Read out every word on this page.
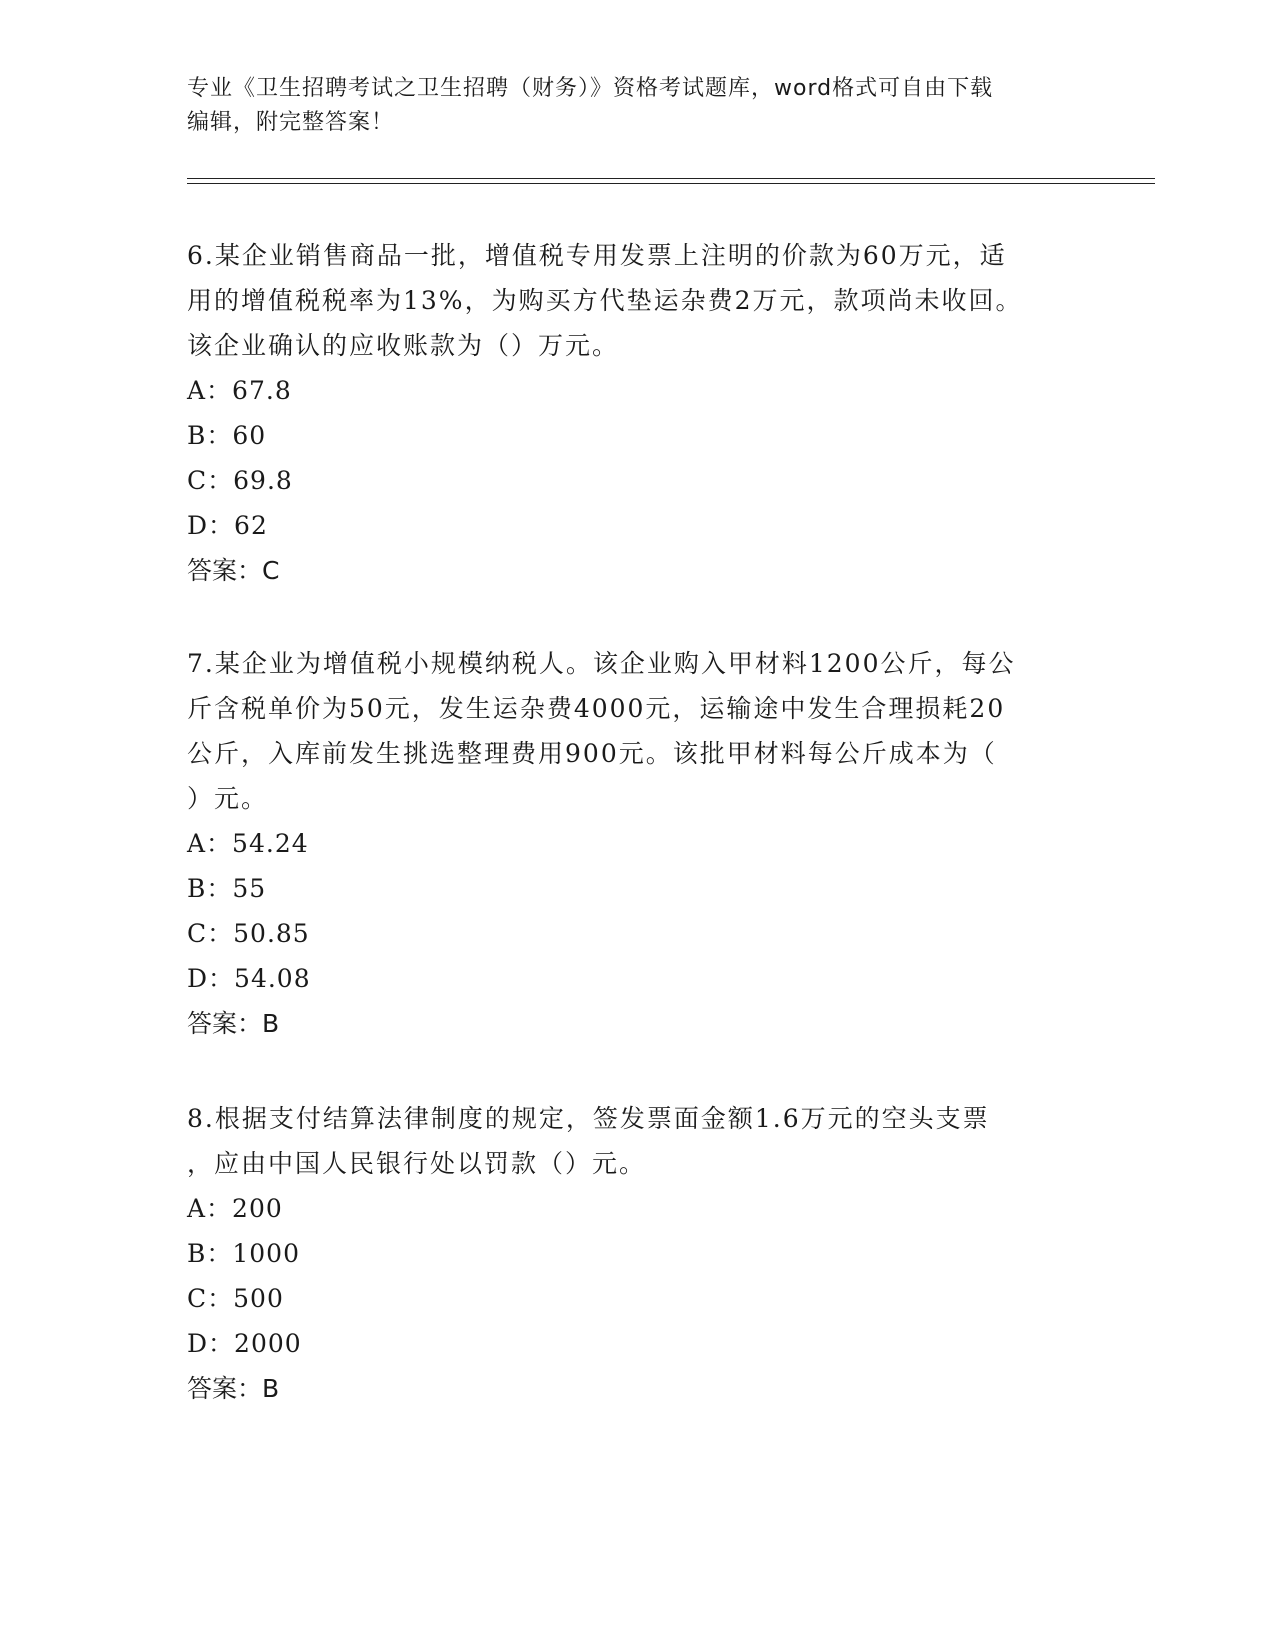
专业《卫生招聘考试之卫生招聘（财务）》资格考试题库，word格式可自由下载
编辑，附完整答案！

6.某企业销售商品一批，增值税专用发票上注明的价款为60万元，适

用的增值税税率为13%，为购买方代垫运杂费2万元，款项尚未收回。

该企业确认的应收账款为（）万元。

A：67.8

B：60

C：69.8

D：62

答案：C

7.某企业为增值税小规模纳税人。该企业购入甲材料1200公斤，每公

斤含税单价为50元，发生运杂费4000元，运输途中发生合理损耗20

公斤，入库前发生挑选整理费用900元。该批甲材料每公斤成本为（

）元。

A：54.24

B：55

C：50.85

D：54.08

答案：B

8.根据支付结算法律制度的规定，签发票面金额1.6万元的空头支票

，应由中国人民银行处以罚款（）元。

A：200

B：1000

C：500

D：2000

答案：B
